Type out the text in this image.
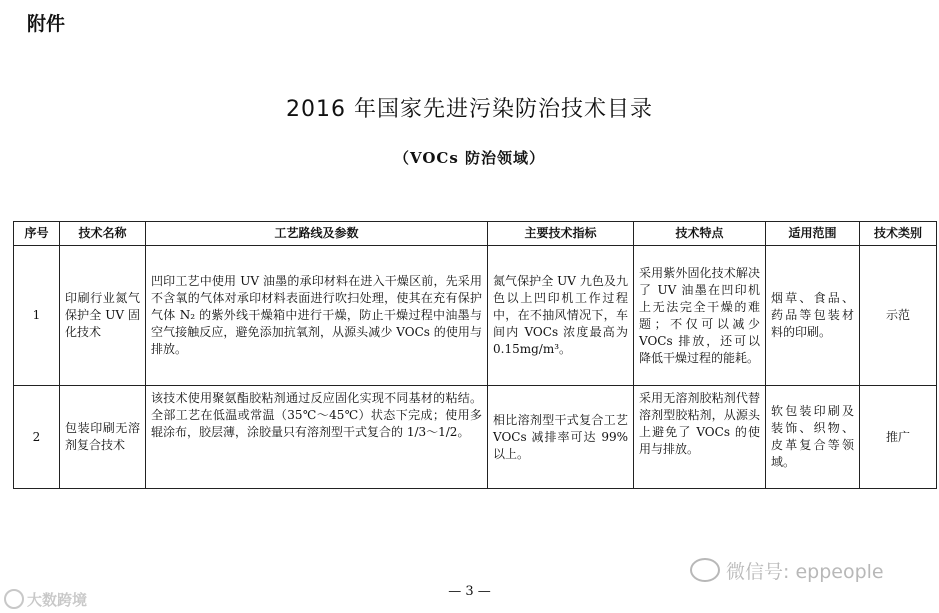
附件
2016 年国家先进污染防治技术目录
（VOCs 防治领域）
序号	技术名称	工艺路线及参数	主要技术指标	技术特点	适用范围	技术类别
1	印刷行业氮气保护全 UV 固化技术	凹印工艺中使用 UV 油墨的承印材料在进入干燥区前，先采用不含氧的气体对承印材料表面进行吹扫处理，使其在充有保护气体 N₂ 的紫外线干燥箱中进行干燥，防止干燥过程中油墨与空气接触反应，避免添加抗氧剂，从源头减少 VOCs 的使用与排放。	氮气保护全 UV 九色及九色以上凹印机工作过程中，在不抽风情况下，车间内 VOCs 浓度最高为 0.15mg/m³。	采用紫外固化技术解决了 UV 油墨在凹印机上无法完全干燥的难题；不仅可以减少 VOCs 排放，还可以降低干燥过程的能耗。	烟草、食品、药品等包装材料的印刷。	示范
2	包装印刷无溶剂复合技术	该技术使用聚氨酯胶粘剂通过反应固化实现不同基材的粘结。全部工艺在低温或常温（35℃～45℃）状态下完成；使用多辊涂布，胶层薄，涂胶量只有溶剂型干式复合的 1/3～1/2。	相比溶剂型干式复合工艺 VOCs 减排率可达 99%以上。	采用无溶剂胶粘剂代替溶剂型胶粘剂，从源头上避免了 VOCs 的使用与排放。	软包装印刷及装饰、织物、皮革复合等领域。	推广
微信号: eppeople
— 3 —
大数跨境
